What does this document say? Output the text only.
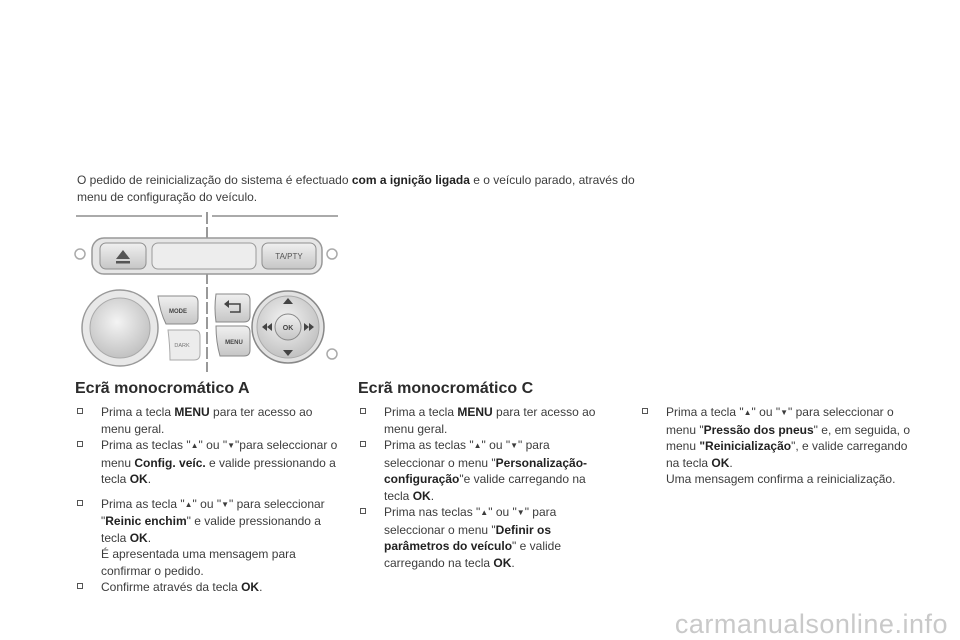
O pedido de reinicialização do sistema é efectuado com a ignição ligada e o veículo parado, através do menu de configuração do veículo.

TA/PTY
MODE
DARK	MENU
OK
Ecrã monocromático A

Prima a tecla MENU para ter acesso ao menu geral.

Prima as teclas "▲" ou "▼"para seleccionar o menu Config. veíc. e valide pressionando a tecla OK.

Prima as tecla "▲" ou "▼" para seleccionar "Reinic enchim" e valide pressionando a tecla OK.
É apresentada uma mensagem para confirmar o pedido.

Confirme através da tecla OK.

Ecrã monocromático C

Prima a tecla MENU para ter acesso ao menu geral.

Prima as teclas "▲" ou "▼" para seleccionar o menu "Personalização-configuração"e valide carregando na tecla OK.

Prima nas teclas "▲" ou "▼" para seleccionar o menu "Definir os parâmetros do veículo" e valide carregando na tecla OK.

Prima a tecla "▲" ou "▼" para seleccionar o menu "Pressão dos pneus" e, em seguida, o menu "Reinicialização", e valide carregando na tecla OK.
Uma mensagem confirma a reinicialização.

carmanualsonline.info
